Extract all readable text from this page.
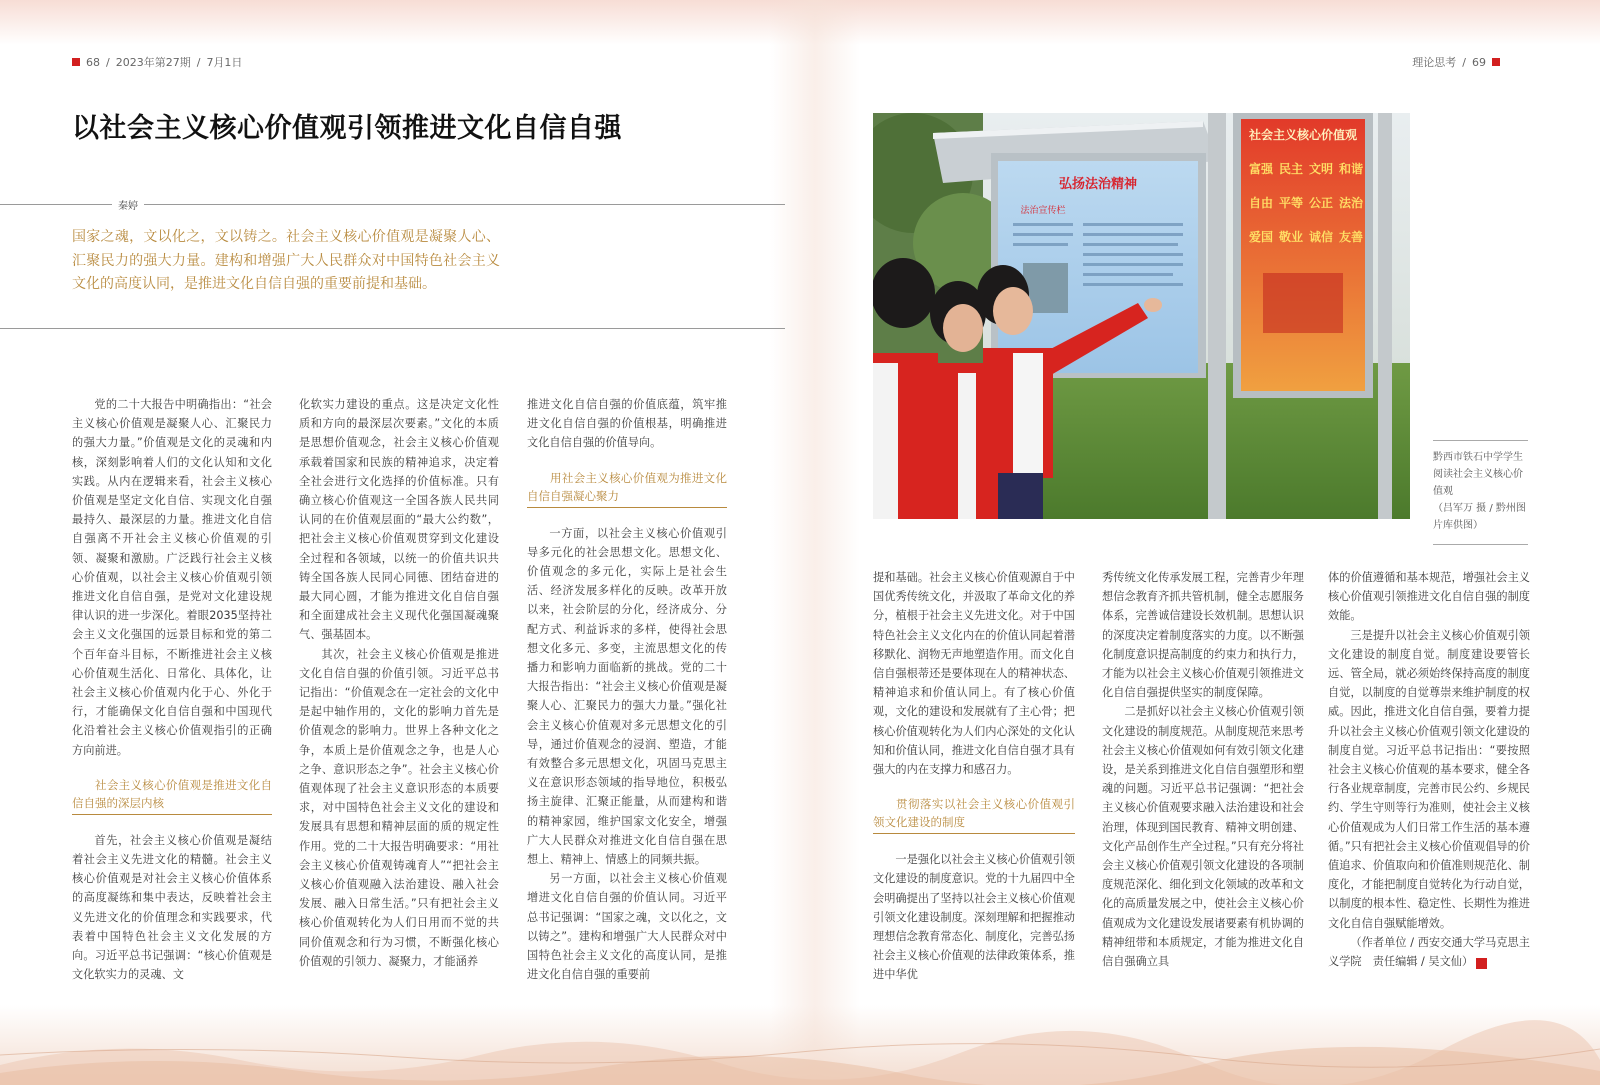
68 / 2023年第27期 / 7月1日	理论思考 / 69
以社会主义核心价值观引领推进文化自信自强
秦婷
国家之魂，文以化之，文以铸之。社会主义核心价值观是凝聚人心、汇聚民力的强大力量。建构和增强广大人民群众对中国特色社会主义文化的高度认同，是推进文化自信自强的重要前提和基础。

党的二十大报告中明确指出：“社会主义核心价值观是凝聚人心、汇聚民力的强大力量。”价值观是文化的灵魂和内核，深刻影响着人们的文化认知和文化实践。从内在逻辑来看，社会主义核心价值观是坚定文化自信、实现文化自强最持久、最深层的力量。推进文化自信自强离不开社会主义核心价值观的引领、凝聚和激励。广泛践行社会主义核心价值观，以社会主义核心价值观引领推进文化自信自强，是党对文化建设规律认识的进一步深化。着眼2035坚持社会主义文化强国的远景目标和党的第二个百年奋斗目标，不断推进社会主义核心价值观生活化、日常化、具体化，让社会主义核心价值观内化于心、外化于行，才能确保文化自信自强和中国现代化沿着社会主义核心价值观指引的正确方向前进。

社会主义核心价值观是推进文化自信自强的深层内核

首先，社会主义核心价值观是凝结着社会主义先进文化的精髓。社会主义核心价值观是对社会主义核心价值体系的高度凝练和集中表达，反映着社会主义先进文化的价值理念和实践要求，代表着中国特色社会主义文化发展的方向。习近平总书记强调：“核心价值观是文化软实力的灵魂、文

化软实力建设的重点。这是决定文化性质和方向的最深层次要素。”文化的本质是思想价值观念，社会主义核心价值观承载着国家和民族的精神追求，决定着全社会进行文化选择的价值标准。只有确立核心价值观这一全国各族人民共同认同的在价值观层面的“最大公约数”，把社会主义核心价值观贯穿到文化建设全过程和各领域，以统一的价值共识共铸全国各族人民同心同德、团结奋进的最大同心圆，才能为推进文化自信自强和全面建成社会主义现代化强国凝魂聚气、强基固本。

其次，社会主义核心价值观是推进文化自信自强的价值引领。习近平总书记指出：“价值观念在一定社会的文化中是起中轴作用的，文化的影响力首先是价值观念的影响力。世界上各种文化之争，本质上是价值观念之争，也是人心之争、意识形态之争”。社会主义核心价值观体现了社会主义意识形态的本质要求，对中国特色社会主义文化的建设和发展具有思想和精神层面的质的规定性作用。党的二十大报告明确要求：“用社会主义核心价值观铸魂育人”“把社会主义核心价值观融入法治建设、融入社会发展、融入日常生活。”只有把社会主义核心价值观转化为人们日用而不觉的共同价值观念和行为习惯，不断强化核心价值观的引领力、凝聚力，才能涵养

推进文化自信自强的价值底蕴，筑牢推进文化自信自强的价值根基，明确推进文化自信自强的价值导向。

用社会主义核心价值观为推进文化自信自强凝心聚力

一方面，以社会主义核心价值观引导多元化的社会思想文化。思想文化、价值观念的多元化，实际上是社会生活、经济发展多样化的反映。改革开放以来，社会阶层的分化，经济成分、分配方式、利益诉求的多样，使得社会思想文化多元、多变，主流思想文化的传播力和影响力面临新的挑战。党的二十大报告指出：“社会主义核心价值观是凝聚人心、汇聚民力的强大力量。”强化社会主义核心价值观对多元思想文化的引导，通过价值观念的浸润、塑造，才能有效整合多元思想文化，巩固马克思主义在意识形态领域的指导地位，积极弘扬主旋律、汇聚正能量，从而建构和谐的精神家园，维护国家文化安全，增强广大人民群众对推进文化自信自强在思想上、精神上、情感上的同频共振。

另一方面，以社会主义核心价值观增进文化自信自强的价值认同。习近平总书记强调：“国家之魂，文以化之，文以铸之”。建构和增强广大人民群众对中国特色社会主义文化的高度认同，是推进文化自信自强的重要前

弘扬法治精神
法治宣传栏
社会主义核心价值观
富强 民主 文明 和谐
自由 平等 公正 法治
爱国 敬业 诚信 友善
黔西市铁石中学学生阅读社会主义核心价值观
（吕军万 摄 / 黔州图片库供图）

提和基础。社会主义核心价值观源自于中国优秀传统文化，并汲取了革命文化的养分，植根于社会主义先进文化。对于中国特色社会主义文化内在的价值认同起着潜移默化、润物无声地塑造作用。而文化自信自强根蒂还是要体现在人的精神状态、精神追求和价值认同上。有了核心价值观，文化的建设和发展就有了主心骨；把核心价值观转化为人们内心深处的文化认知和价值认同，推进文化自信自强才具有强大的内在支撑力和感召力。

贯彻落实以社会主义核心价值观引领文化建设的制度

一是强化以社会主义核心价值观引领文化建设的制度意识。党的十九届四中全会明确提出了坚持以社会主义核心价值观引领文化建设制度。深刻理解和把握推动理想信念教育常态化、制度化，完善弘扬社会主义核心价值观的法律政策体系，推进中华优

秀传统文化传承发展工程，完善青少年理想信念教育齐抓共管机制，健全志愿服务体系，完善诚信建设长效机制。思想认识的深度决定着制度落实的力度。以不断强化制度意识提高制度的约束力和执行力，才能为以社会主义核心价值观引领推进文化自信自强提供坚实的制度保障。

二是抓好以社会主义核心价值观引领文化建设的制度规范。从制度规范来思考社会主义核心价值观如何有效引领文化建设，是关系到推进文化自信自强塑形和塑魂的问题。习近平总书记强调：“把社会主义核心价值观要求融入法治建设和社会治理，体现到国民教育、精神文明创建、文化产品创作生产全过程。”只有充分将社会主义核心价值观引领文化建设的各项制度规范深化、细化到文化领域的改革和文化的高质量发展之中，使社会主义核心价值观成为文化建设发展诸要素有机协调的精神纽带和本质规定，才能为推进文化自信自强确立具

体的价值遵循和基本规范，增强社会主义核心价值观引领推进文化自信自强的制度效能。

三是提升以社会主义核心价值观引领文化建设的制度自觉。制度建设要管长远、管全局，就必须始终保持高度的制度自觉，以制度的自觉尊崇来维护制度的权威。因此，推进文化自信自强，要着力提升以社会主义核心价值观引领文化建设的制度自觉。习近平总书记指出：“要按照社会主义核心价值观的基本要求，健全各行各业规章制度，完善市民公约、乡规民约、学生守则等行为准则，使社会主义核心价值观成为人们日常工作生活的基本遵循。”只有把社会主义核心价值观倡导的价值追求、价值取向和价值准则规范化、制度化，才能把制度自觉转化为行动自觉，以制度的根本性、稳定性、长期性为推进文化自信自强赋能增效。

（作者单位 / 西安交通大学马克思主义学院　责任编辑 / 吴文仙）	D
